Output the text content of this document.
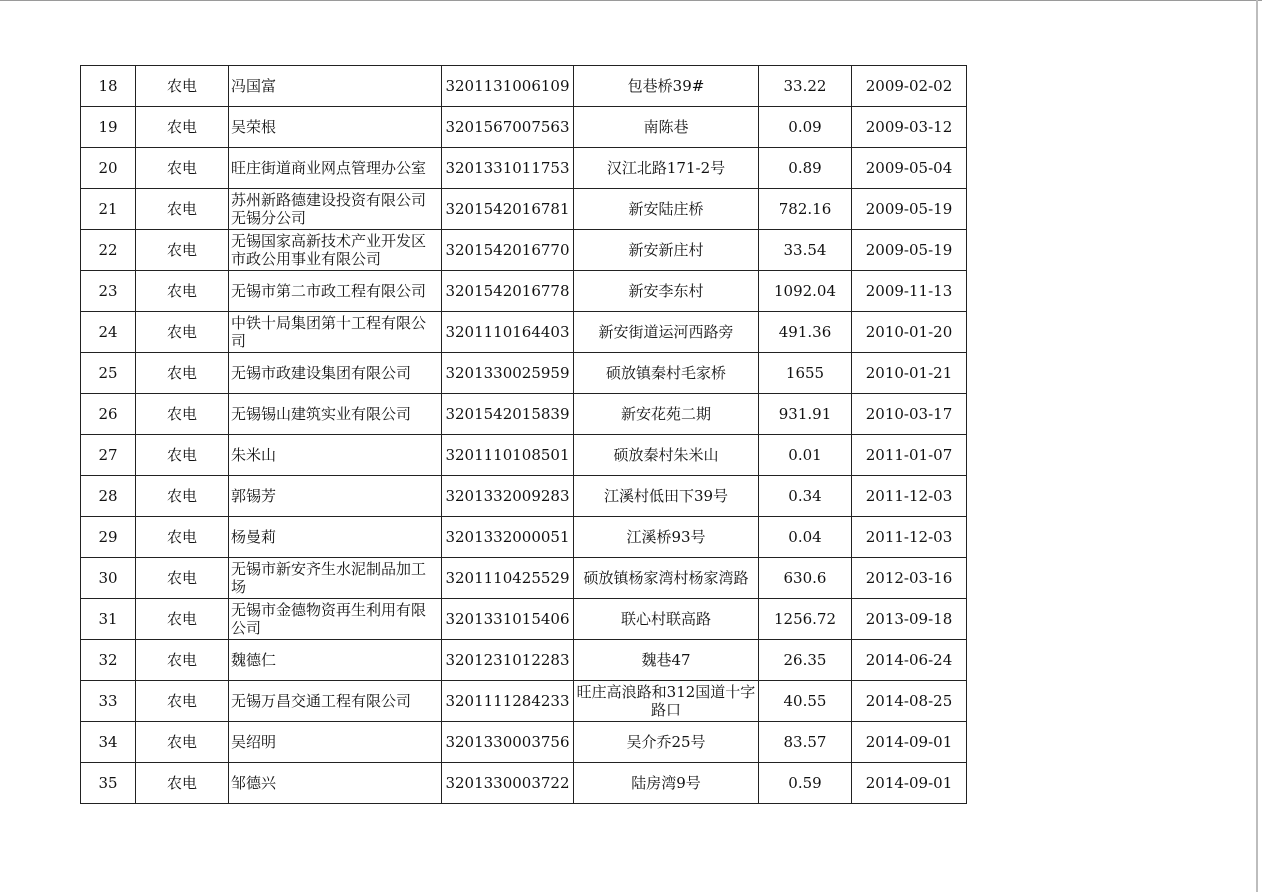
18	农电	冯国富	3201131006109	包巷桥39#	33.22	2009-02-02
19	农电	吴荣根	3201567007563	南陈巷	0.09	2009-03-12
20	农电	旺庄街道商业网点管理办公室	3201331011753	汉江北路171-2号	0.89	2009-05-04
21	农电	苏州新路德建设投资有限公司无锡分公司	3201542016781	新安陆庄桥	782.16	2009-05-19
22	农电	无锡国家高新技术产业开发区市政公用事业有限公司	3201542016770	新安新庄村	33.54	2009-05-19
23	农电	无锡市第二市政工程有限公司	3201542016778	新安李东村	1092.04	2009-11-13
24	农电	中铁十局集团第十工程有限公司	3201110164403	新安街道运河西路旁	491.36	2010-01-20
25	农电	无锡市政建设集团有限公司	3201330025959	硕放镇秦村毛家桥	1655	2010-01-21
26	农电	无锡锡山建筑实业有限公司	3201542015839	新安花苑二期	931.91	2010-03-17
27	农电	朱米山	3201110108501	硕放秦村朱米山	0.01	2011-01-07
28	农电	郭锡芳	3201332009283	江溪村低田下39号	0.34	2011-12-03
29	农电	杨曼莉	3201332000051	江溪桥93号	0.04	2011-12-03
30	农电	无锡市新安齐生水泥制品加工场	3201110425529	硕放镇杨家湾村杨家湾路	630.6	2012-03-16
31	农电	无锡市金德物资再生利用有限公司	3201331015406	联心村联高路	1256.72	2013-09-18
32	农电	魏德仁	3201231012283	魏巷47	26.35	2014-06-24
33	农电	无锡万昌交通工程有限公司	3201111284233	旺庄高浪路和312国道十字路口	40.55	2014-08-25
34	农电	吴绍明	3201330003756	吴介乔25号	83.57	2014-09-01
35	农电	邹德兴	3201330003722	陆房湾9号	0.59	2014-09-01
